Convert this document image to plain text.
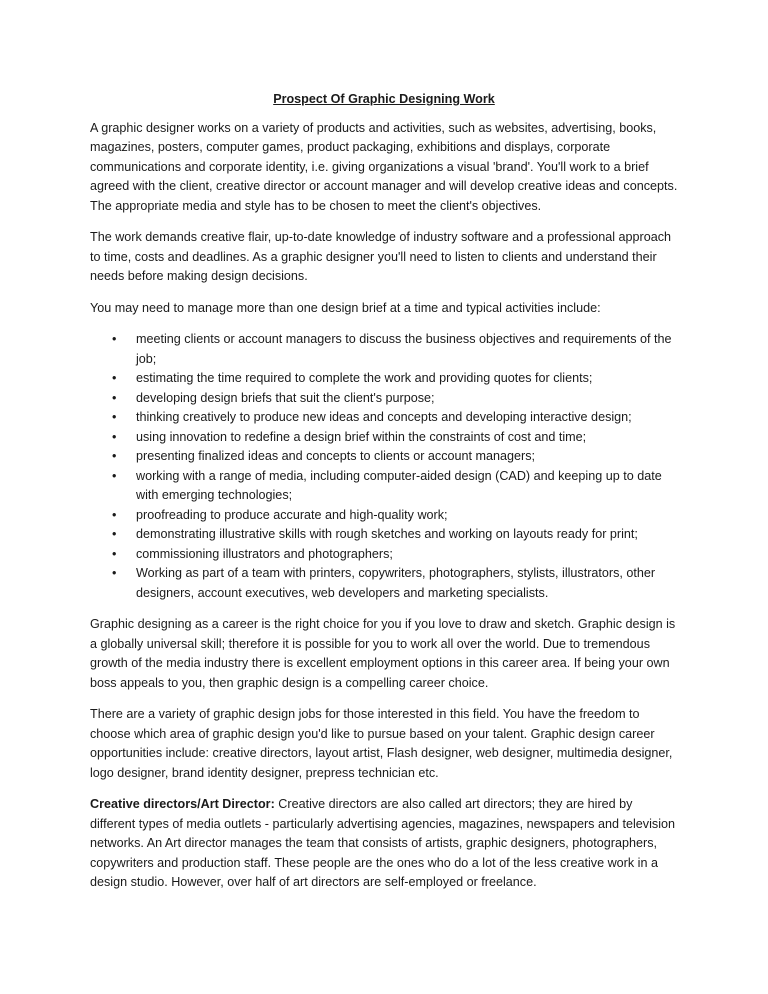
Prospect Of Graphic Designing Work

A graphic designer works on a variety of products and activities, such as websites, advertising, books, magazines, posters, computer games, product packaging, exhibitions and displays, corporate communications and corporate identity, i.e. giving organizations a visual 'brand'. You'll work to a brief agreed with the client, creative director or account manager and will develop creative ideas and concepts. The appropriate media and style has to be chosen to meet the client's objectives.

The work demands creative flair, up-to-date knowledge of industry software and a professional approach to time, costs and deadlines. As a graphic designer you'll need to listen to clients and understand their needs before making design decisions.

You may need to manage more than one design brief at a time and typical activities include:

• meeting clients or account managers to discuss the business objectives and requirements of the job;
• estimating the time required to complete the work and providing quotes for clients;
• developing design briefs that suit the client's purpose;
• thinking creatively to produce new ideas and concepts and developing interactive design;
• using innovation to redefine a design brief within the constraints of cost and time;
• presenting finalized ideas and concepts to clients or account managers;
• working with a range of media, including computer-aided design (CAD) and keeping up to date with emerging technologies;
• proofreading to produce accurate and high-quality work;
• demonstrating illustrative skills with rough sketches and working on layouts ready for print;
• commissioning illustrators and photographers;
• Working as part of a team with printers, copywriters, photographers, stylists, illustrators, other designers, account executives, web developers and marketing specialists.

Graphic designing as a career is the right choice for you if you love to draw and sketch. Graphic design is a globally universal skill; therefore it is possible for you to work all over the world. Due to tremendous growth of the media industry there is excellent employment options in this career area. If being your own boss appeals to you, then graphic design is a compelling career choice.

There are a variety of graphic design jobs for those interested in this field. You have the freedom to choose which area of graphic design you'd like to pursue based on your talent. Graphic design career opportunities include: creative directors, layout artist, Flash designer, web designer, multimedia designer, logo designer, brand identity designer, prepress technician etc.

Creative directors/Art Director: Creative directors are also called art directors; they are hired by different types of media outlets - particularly advertising agencies, magazines, newspapers and television networks. An Art director manages the team that consists of artists, graphic designers, photographers, copywriters and production staff. These people are the ones who do a lot of the less creative work in a design studio. However, over half of art directors are self-employed or freelance.
